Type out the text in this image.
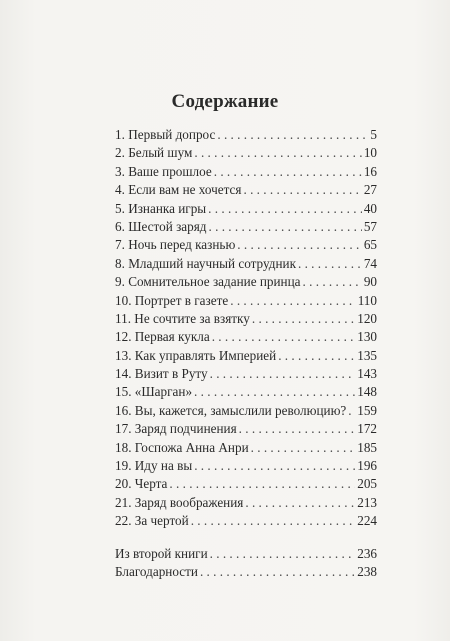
Содержание
1. Первый допрос . . .	5
2. Белый шум . . .	10
3. Ваше прошлое . . .	16
4. Если вам не хочется . . .	27
5. Изнанка игры . . .	40
6. Шестой заряд . . .	57
7. Ночь перед казнью . . .	65
8. Младший научный сотрудник . . .	74
9. Сомнительное задание принца . . .	90
10. Портрет в газете . . .	110
11. Не сочтите за взятку . . .	120
12. Первая кукла . . .	130
13. Как управлять Империей . . .	135
14. Визит в Руту . . .	143
15. «Шарган» . . .	148
16. Вы, кажется, замыслили революцию? . . . 159
17. Заряд подчинения . . .	172
18. Госпожа Анна Анри . . .	185
19. Иду на вы . . .	196
20. Черта . . .	205
21. Заряд воображения . . .	213
22. За чертой . . .	224
Из второй книги . . .	236
Благодарности . . .	238
